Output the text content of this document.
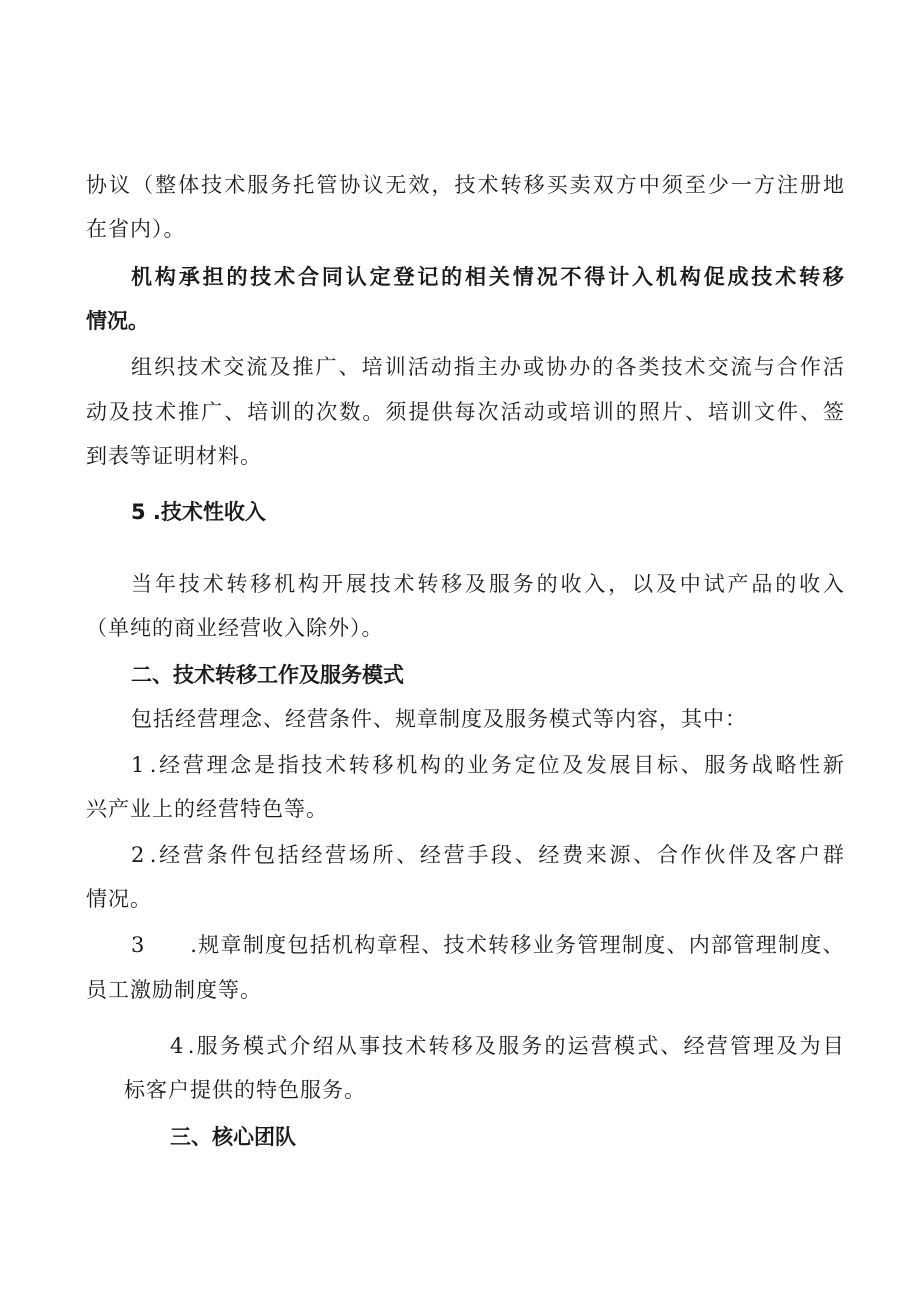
协 议 （ 整 体 技 术 服 务 托 管 协 议 无 效 ， 技 术 转 移 买 卖 双 方 中 须 至 少 一 方 注 册 地
在省内）。
机 构 承 担 的 技 术 合 同 认 定 登 记 的 相 关 情 况 不 得 计 入 机 构 促 成 技 术 转 移
情况。
组 织 技 术 交 流 及 推 广 、 培 训 活 动 指 主 办 或 协 办 的 各 类 技 术 交 流 与 合 作 活
动 及 技 术 推 广 、 培 训 的 次 数 。 须 提 供 每 次 活 动 或 培 训 的 照 片 、 培 训 文 件 、 签
到表等证明材料。
5 .技术性收入
当 年 技 术 转 移 机 构 开 展 技 术 转 移 及 服 务 的 收 入 ， 以 及 中 试 产 品 的 收 入
（单纯的商业经营收入除外）。
二、技术转移工作及服务模式
包括经营理念、经营条件、规章制度及服务模式等内容，其中：
1 . 经 营 理 念 是 指 技 术 转 移 机 构 的 业 务 定 位 及 发 展 目 标 、 服 务 战 略 性 新
兴产业上的经营特色等。
2 . 经 营 条 件 包 括 经 营 场 所 、 经 营 手 段 、 经 费 来 源 、 合 作 伙 伴 及 客 户 群
情况。
3

　 . 规 章 制 度 包 括 机 构 章 程 、 技 术 转 移 业 务 管 理 制 度 、 内 部 管 理 制 度 、
员工激励制度等。
4 . 服 务 模 式 介 绍 从 事 技 术 转 移 及 服 务 的 运 营 模 式 、 经 营 管 理 及 为 目
标客户提供的特色服务。
三、核心团队
